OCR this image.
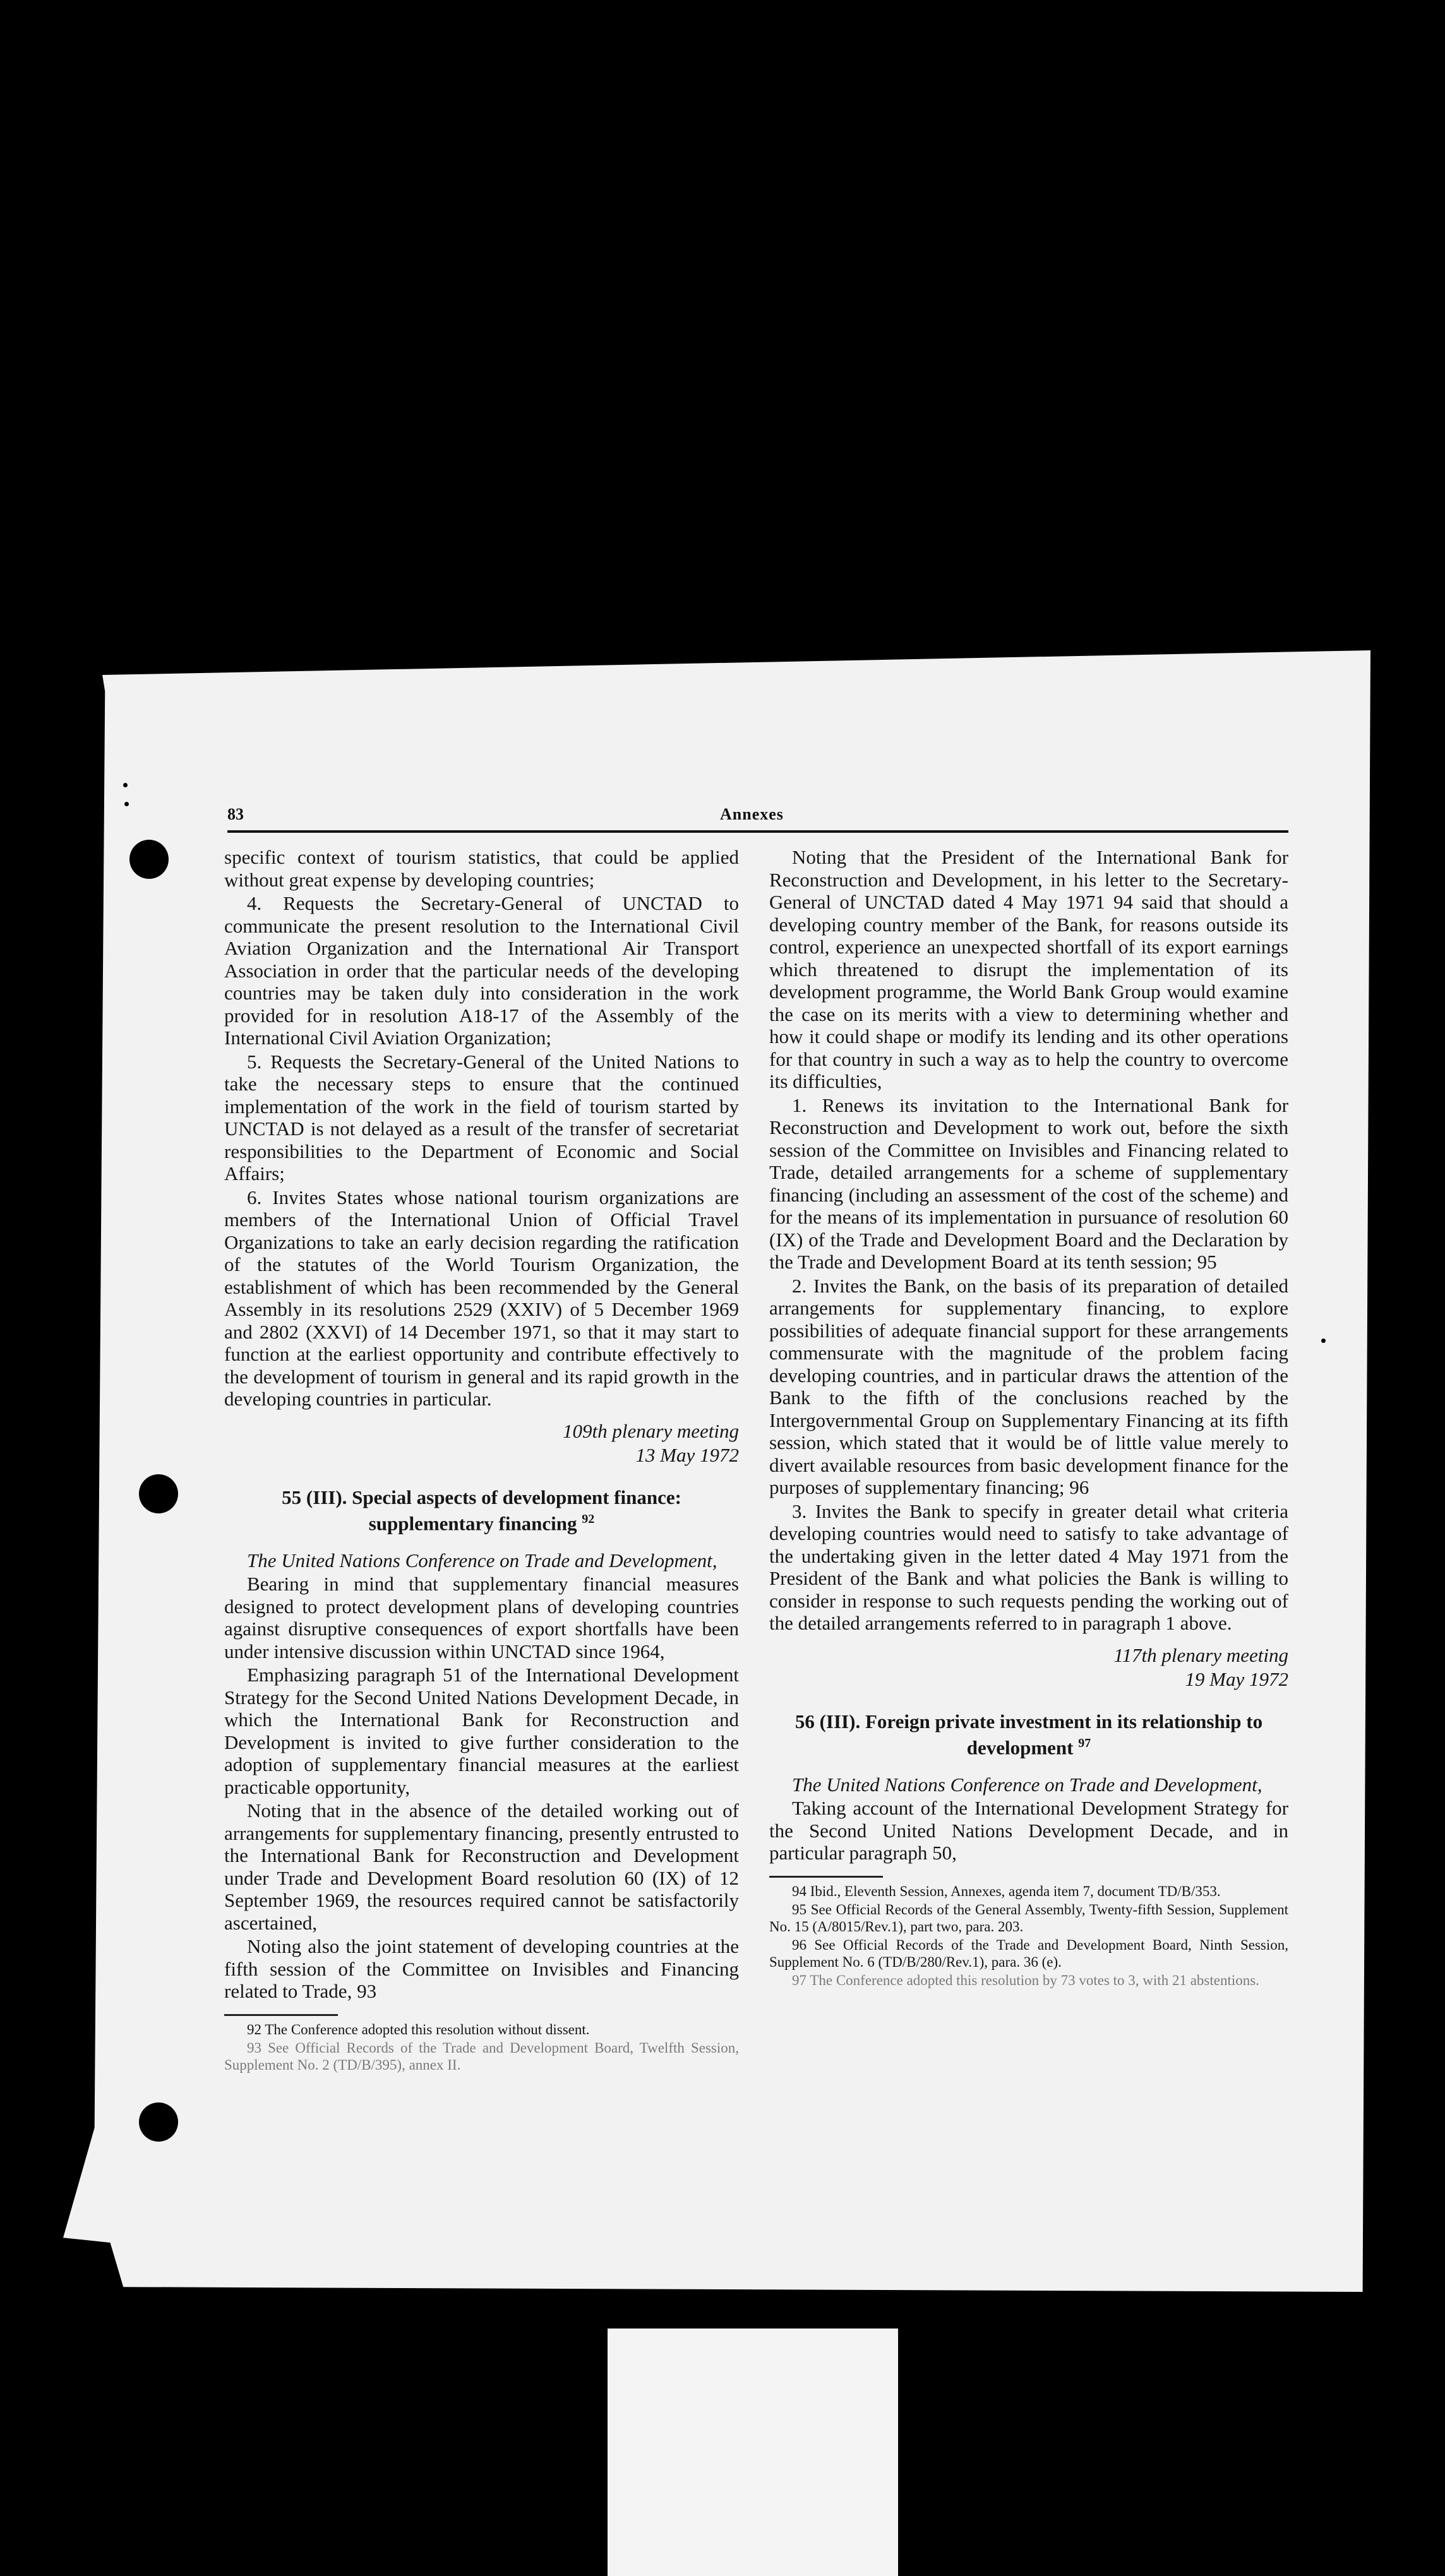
83	Annexes

specific context of tourism statistics, that could be applied without great expense by developing countries;

4. Requests the Secretary-General of UNCTAD to communicate the present resolution to the International Civil Aviation Organization and the International Air Transport Association in order that the particular needs of the developing countries may be taken duly into consideration in the work provided for in resolution A18-17 of the Assembly of the International Civil Aviation Organization;

5. Requests the Secretary-General of the United Nations to take the necessary steps to ensure that the continued implementation of the work in the field of tourism started by UNCTAD is not delayed as a result of the transfer of secretariat responsibilities to the Department of Economic and Social Affairs;

6. Invites States whose national tourism organizations are members of the International Union of Official Travel Organizations to take an early decision regarding the ratification of the statutes of the World Tourism Organization, the establishment of which has been recommended by the General Assembly in its resolutions 2529 (XXIV) of 5 December 1969 and 2802 (XXVI) of 14 December 1971, so that it may start to function at the earliest opportunity and contribute effectively to the development of tourism in general and its rapid growth in the developing countries in particular.

109th plenary meeting
13 May 1972
55 (III). Special aspects of development finance: supplementary financing $^{92}$

The United Nations Conference on Trade and Development,

Bearing in mind that supplementary financial measures designed to protect development plans of developing countries against disruptive consequences of export shortfalls have been under intensive discussion within UNCTAD since 1964,

Emphasizing paragraph 51 of the International Development Strategy for the Second United Nations Development Decade, in which the International Bank for Reconstruction and Development is invited to give further consideration to the adoption of supplementary financial measures at the earliest practicable opportunity,

Noting that in the absence of the detailed working out of arrangements for supplementary financing, presently entrusted to the International Bank for Reconstruction and Development under Trade and Development Board resolution 60 (IX) of 12 September 1969, the resources required cannot be satisfactorily ascertained,

Noting also the joint statement of developing countries at the fifth session of the Committee on Invisibles and Financing related to Trade, 93

92 The Conference adopted this resolution without dissent.

93 See Official Records of the Trade and Development Board, Twelfth Session, Supplement No. 2 (TD/B/395), annex II.

Noting that the President of the International Bank for Reconstruction and Development, in his letter to the Secretary-General of UNCTAD dated 4 May 1971 94 said that should a developing country member of the Bank, for reasons outside its control, experience an unexpected shortfall of its export earnings which threatened to disrupt the implementation of its development programme, the World Bank Group would examine the case on its merits with a view to determining whether and how it could shape or modify its lending and its other operations for that country in such a way as to help the country to overcome its difficulties,

1. Renews its invitation to the International Bank for Reconstruction and Development to work out, before the sixth session of the Committee on Invisibles and Financing related to Trade, detailed arrangements for a scheme of supplementary financing (including an assessment of the cost of the scheme) and for the means of its implementation in pursuance of resolution 60 (IX) of the Trade and Development Board and the Declaration by the Trade and Development Board at its tenth session; 95

2. Invites the Bank, on the basis of its preparation of detailed arrangements for supplementary financing, to explore possibilities of adequate financial support for these arrangements commensurate with the magnitude of the problem facing developing countries, and in particular draws the attention of the Bank to the fifth of the conclusions reached by the Intergovernmental Group on Supplementary Financing at its fifth session, which stated that it would be of little value merely to divert available resources from basic development finance for the purposes of supplementary financing; 96

3. Invites the Bank to specify in greater detail what criteria developing countries would need to satisfy to take advantage of the undertaking given in the letter dated 4 May 1971 from the President of the Bank and what policies the Bank is willing to consider in response to such requests pending the working out of the detailed arrangements referred to in paragraph 1 above.

117th plenary meeting
19 May 1972
56 (III). Foreign private investment in its relationship to development $^{97}$

The United Nations Conference on Trade and Development,

Taking account of the International Development Strategy for the Second United Nations Development Decade, and in particular paragraph 50,

94 Ibid., Eleventh Session, Annexes, agenda item 7, document TD/B/353.

95 See Official Records of the General Assembly, Twenty-fifth Session, Supplement No. 15 (A/8015/Rev.1), part two, para. 203.

96 See Official Records of the Trade and Development Board, Ninth Session, Supplement No. 6 (TD/B/280/Rev.1), para. 36 (e).

97 The Conference adopted this resolution by 73 votes to 3, with 21 abstentions.
